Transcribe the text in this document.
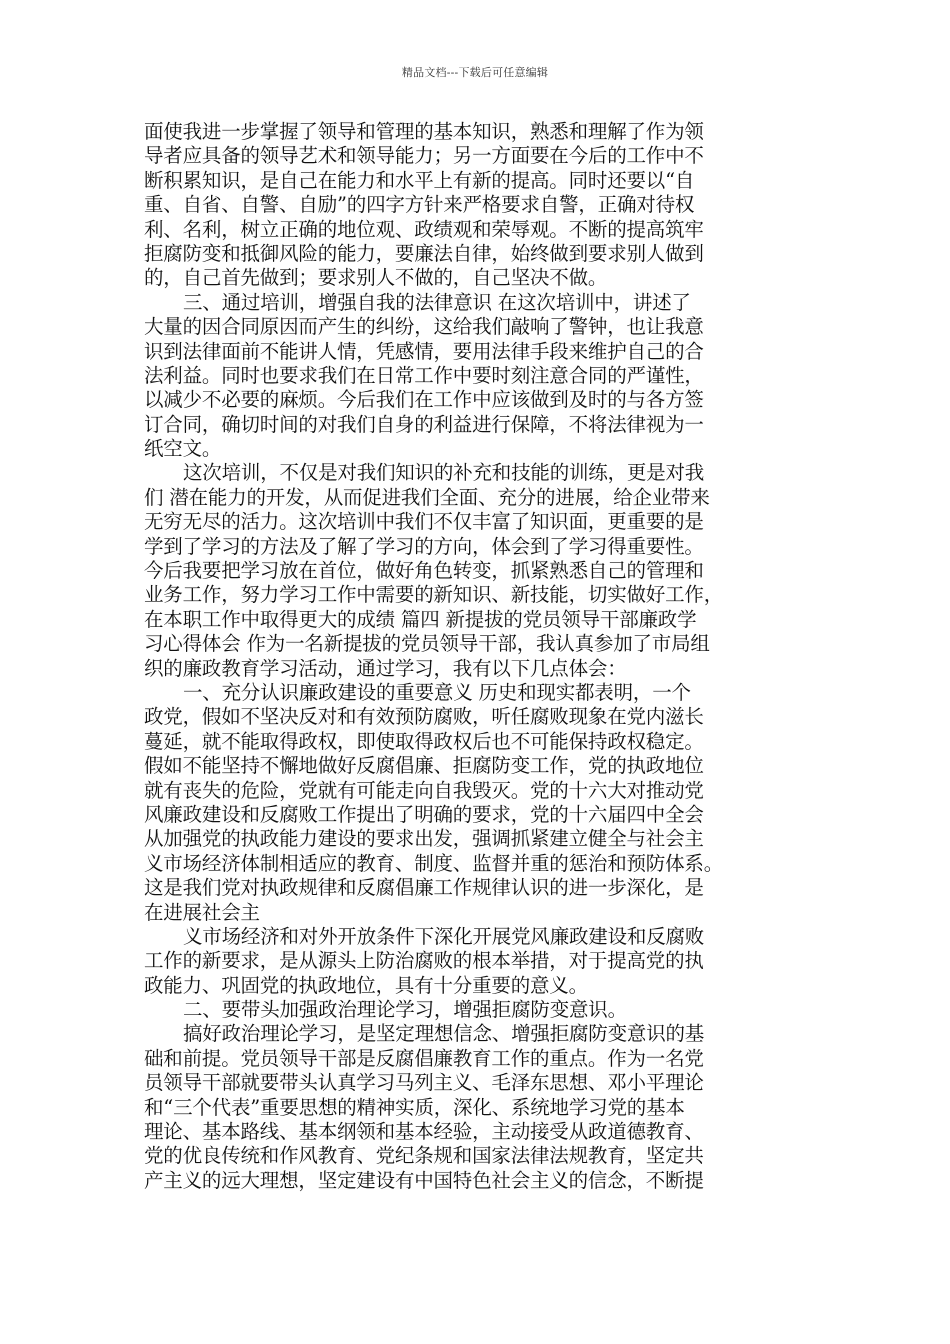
精品文档---下载后可任意编辑
面使我进一步掌握了领导和管理的基本知识，熟悉和理解了作为领
导者应具备的领导艺术和领导能力；另一方面要在今后的工作中不
断积累知识，是自己在能力和水平上有新的提高。同时还要以“自
重、自省、自警、自励”的四字方针来严格要求自警，正确对待权
利、名利，树立正确的地位观、政绩观和荣辱观。不断的提高筑牢
拒腐防变和抵御风险的能力，要廉法自律，始终做到要求别人做到
的，自己首先做到；要求别人不做的，自己坚决不做。
三、通过培训，增强自我的法律意识 在这次培训中，讲述了
大量的因合同原因而产生的纠纷，这给我们敲响了警钟，也让我意
识到法律面前不能讲人情，凭感情，要用法律手段来维护自己的合
法利益。同时也要求我们在日常工作中要时刻注意合同的严谨性，
以减少不必要的麻烦。今后我们在工作中应该做到及时的与各方签
订合同，确切时间的对我们自身的利益进行保障，不将法律视为一
纸空文。
这次培训，不仅是对我们知识的补充和技能的训练，更是对我
们 潜在能力的开发，从而促进我们全面、充分的进展，给企业带来
无穷无尽的活力。这次培训中我们不仅丰富了知识面，更重要的是
学到了学习的方法及了解了学习的方向，体会到了学习得重要性。
今后我要把学习放在首位，做好角色转变，抓紧熟悉自己的管理和
业务工作，努力学习工作中需要的新知识、新技能，切实做好工作，
在本职工作中取得更大的成绩 篇四 新提拔的党员领导干部廉政学
习心得体会 作为一名新提拔的党员领导干部，我认真参加了市局组
织的廉政教育学习活动，通过学习，我有以下几点体会：
一、充分认识廉政建设的重要意义 历史和现实都表明，一个
政党，假如不坚决反对和有效预防腐败，听任腐败现象在党内滋长
蔓延，就不能取得政权，即使取得政权后也不可能保持政权稳定。
假如不能坚持不懈地做好反腐倡廉、拒腐防变工作，党的执政地位
就有丧失的危险，党就有可能走向自我毁灭。党的十六大对推动党
风廉政建设和反腐败工作提出了明确的要求，党的十六届四中全会
从加强党的执政能力建设的要求出发，强调抓紧建立健全与社会主
义市场经济体制相适应的教育、制度、监督并重的惩治和预防体系。
这是我们党对执政规律和反腐倡廉工作规律认识的进一步深化，是
在进展社会主
义市场经济和对外开放条件下深化开展党风廉政建设和反腐败
工作的新要求，是从源头上防治腐败的根本举措，对于提高党的执
政能力、巩固党的执政地位，具有十分重要的意义。
二、要带头加强政治理论学习，增强拒腐防变意识。
搞好政治理论学习，是坚定理想信念、增强拒腐防变意识的基
础和前提。党员领导干部是反腐倡廉教育工作的重点。作为一名党
员领导干部就要带头认真学习马列主义、毛泽东思想、邓小平理论
和“三个代表”重要思想的精神实质，深化、系统地学习党的基本
理论、基本路线、基本纲领和基本经验，主动接受从政道德教育、
党的优良传统和作风教育、党纪条规和国家法律法规教育，坚定共
产主义的远大理想，坚定建设有中国特色社会主义的信念，不断提
